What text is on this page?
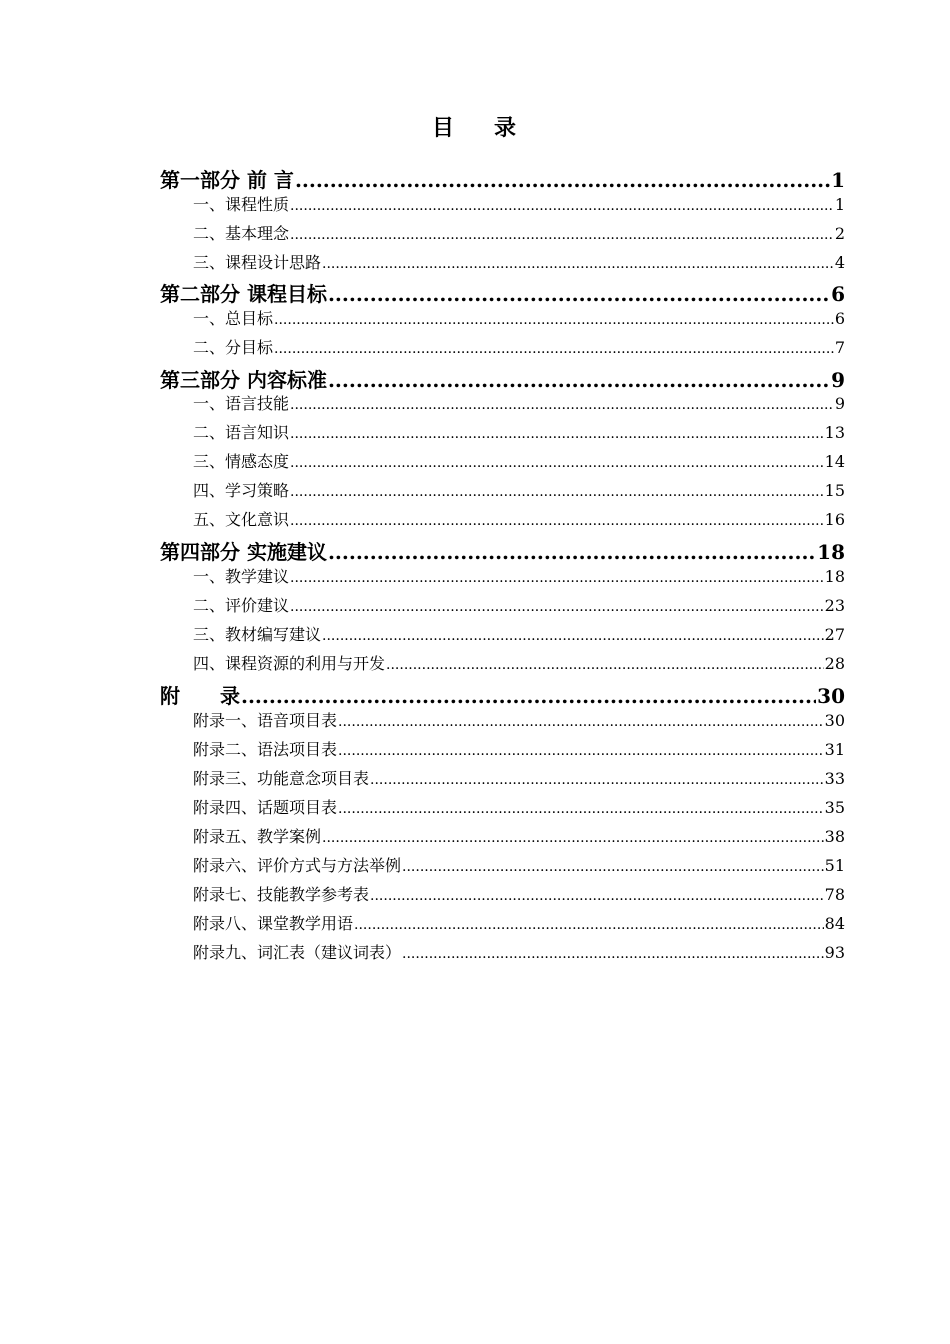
目 录
第一部分 前 言 .....	1
一、课程性质 .....	1
二、基本理念 .....	2
三、课程设计思路 .....	4
第二部分 课程目标 .....	6
一、总目标 .....	6
二、分目标 .....	7
第三部分 内容标准 .....	9
一、语言技能 .....	9
二、语言知识 .....	13
三、情感态度 .....	14
四、学习策略 .....	15
五、文化意识 .....	16
第四部分 实施建议 .....	18
一、教学建议 .....	18
二、评价建议 .....	23
三、教材编写建议 .....	27
四、课程资源的利用与开发 .....	28
附 录 .....	30
附录一、语音项目表 .....	30
附录二、语法项目表 .....	31
附录三、功能意念项目表 .....	33
附录四、话题项目表 .....	35
附录五、教学案例 .....	38
附录六、评价方式与方法举例 .....	51
附录七、技能教学参考表 .....	78
附录八、课堂教学用语 .....	84
附录九、词汇表（建议词表） .....	93
